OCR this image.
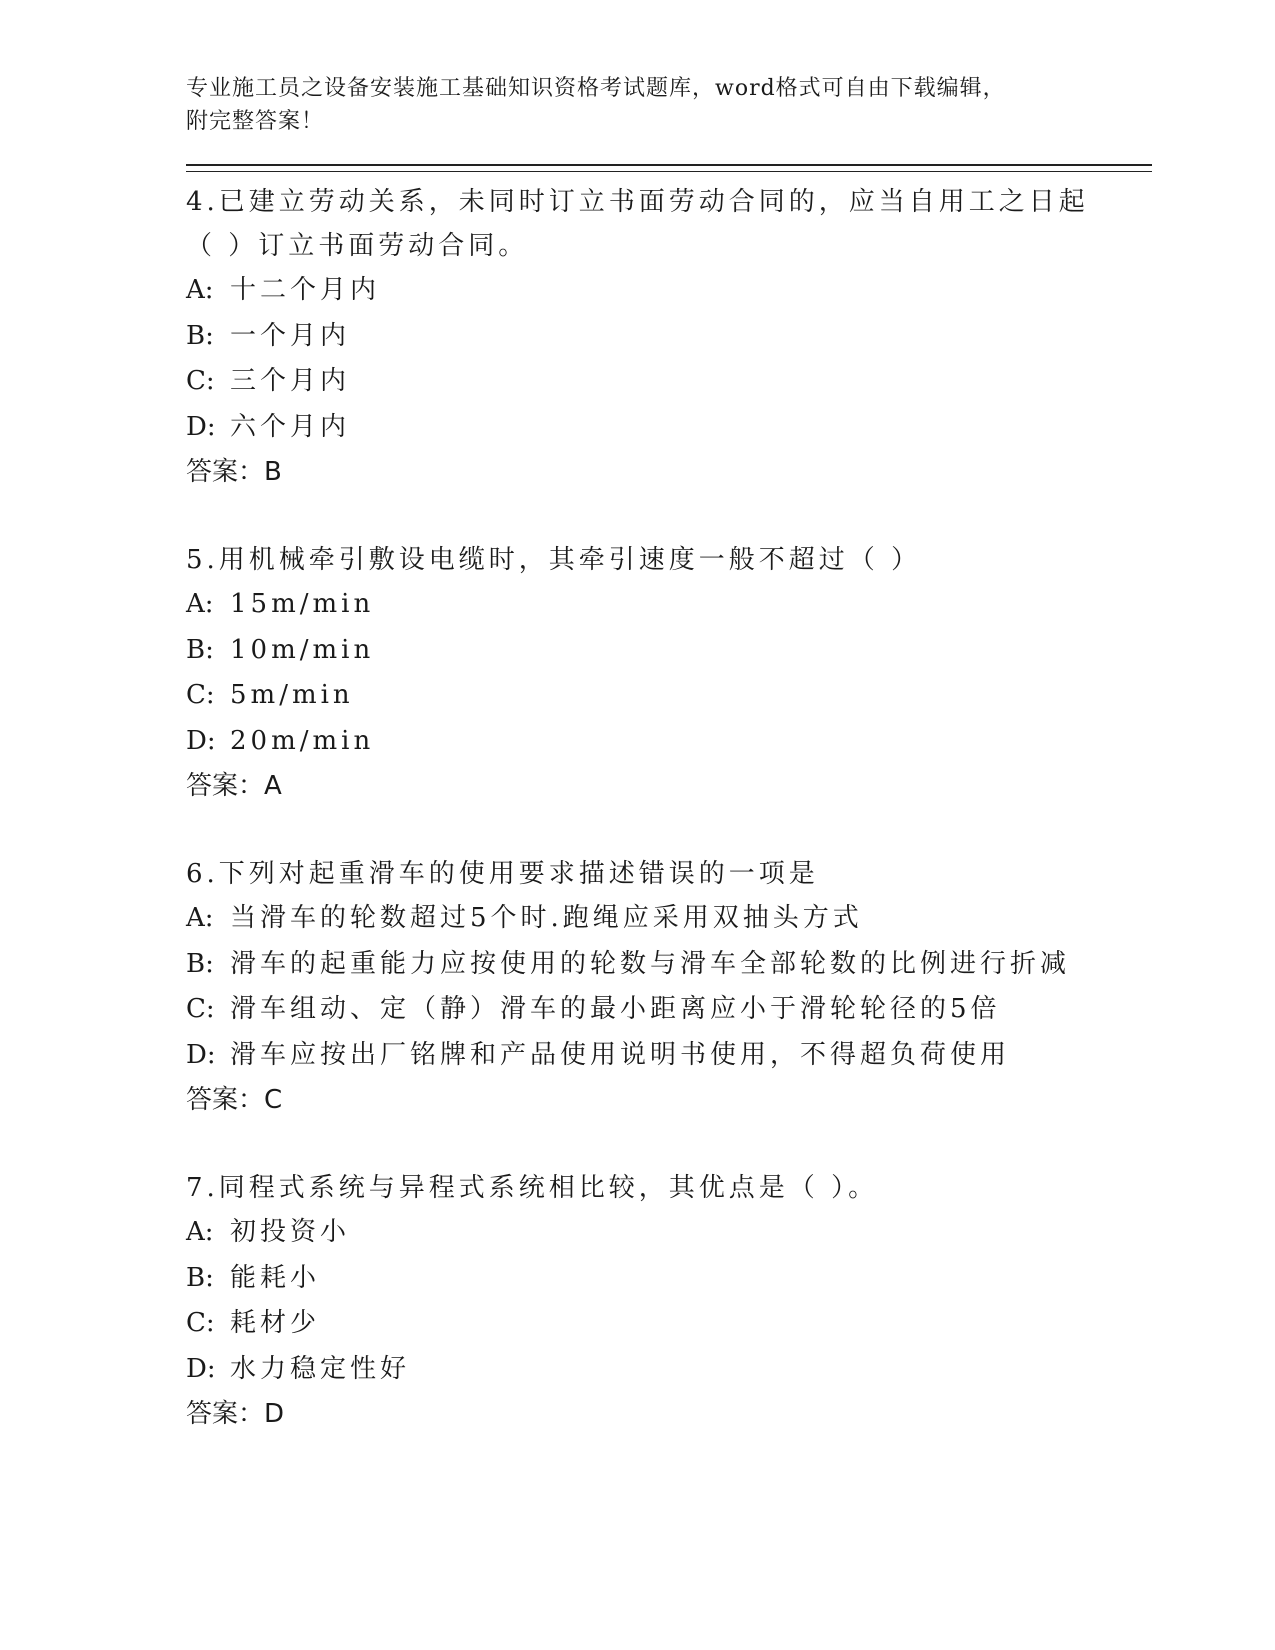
专业施工员之设备安装施工基础知识资格考试题库，word格式可自由下载编辑，

附完整答案！

4.已建立劳动关系，未同时订立书面劳动合同的，应当自用工之日起

（ ）订立书面劳动合同。

A: 十二个月内

B: 一个月内

C: 三个月内

D: 六个月内

答案：B

5.用机械牵引敷设电缆时，其牵引速度一般不超过（ ）

A: 15m/min

B: 10m/min

C: 5m/min

D: 20m/min

答案：A

6.下列对起重滑车的使用要求描述错误的一项是

A: 当滑车的轮数超过5个时.跑绳应采用双抽头方式

B: 滑车的起重能力应按使用的轮数与滑车全部轮数的比例进行折减

C: 滑车组动、定（静）滑车的最小距离应小于滑轮轮径的5倍

D: 滑车应按出厂铭牌和产品使用说明书使用，不得超负荷使用

答案：C

7.同程式系统与异程式系统相比较，其优点是（ ）。

A: 初投资小

B: 能耗小

C: 耗材少

D: 水力稳定性好

答案：D
